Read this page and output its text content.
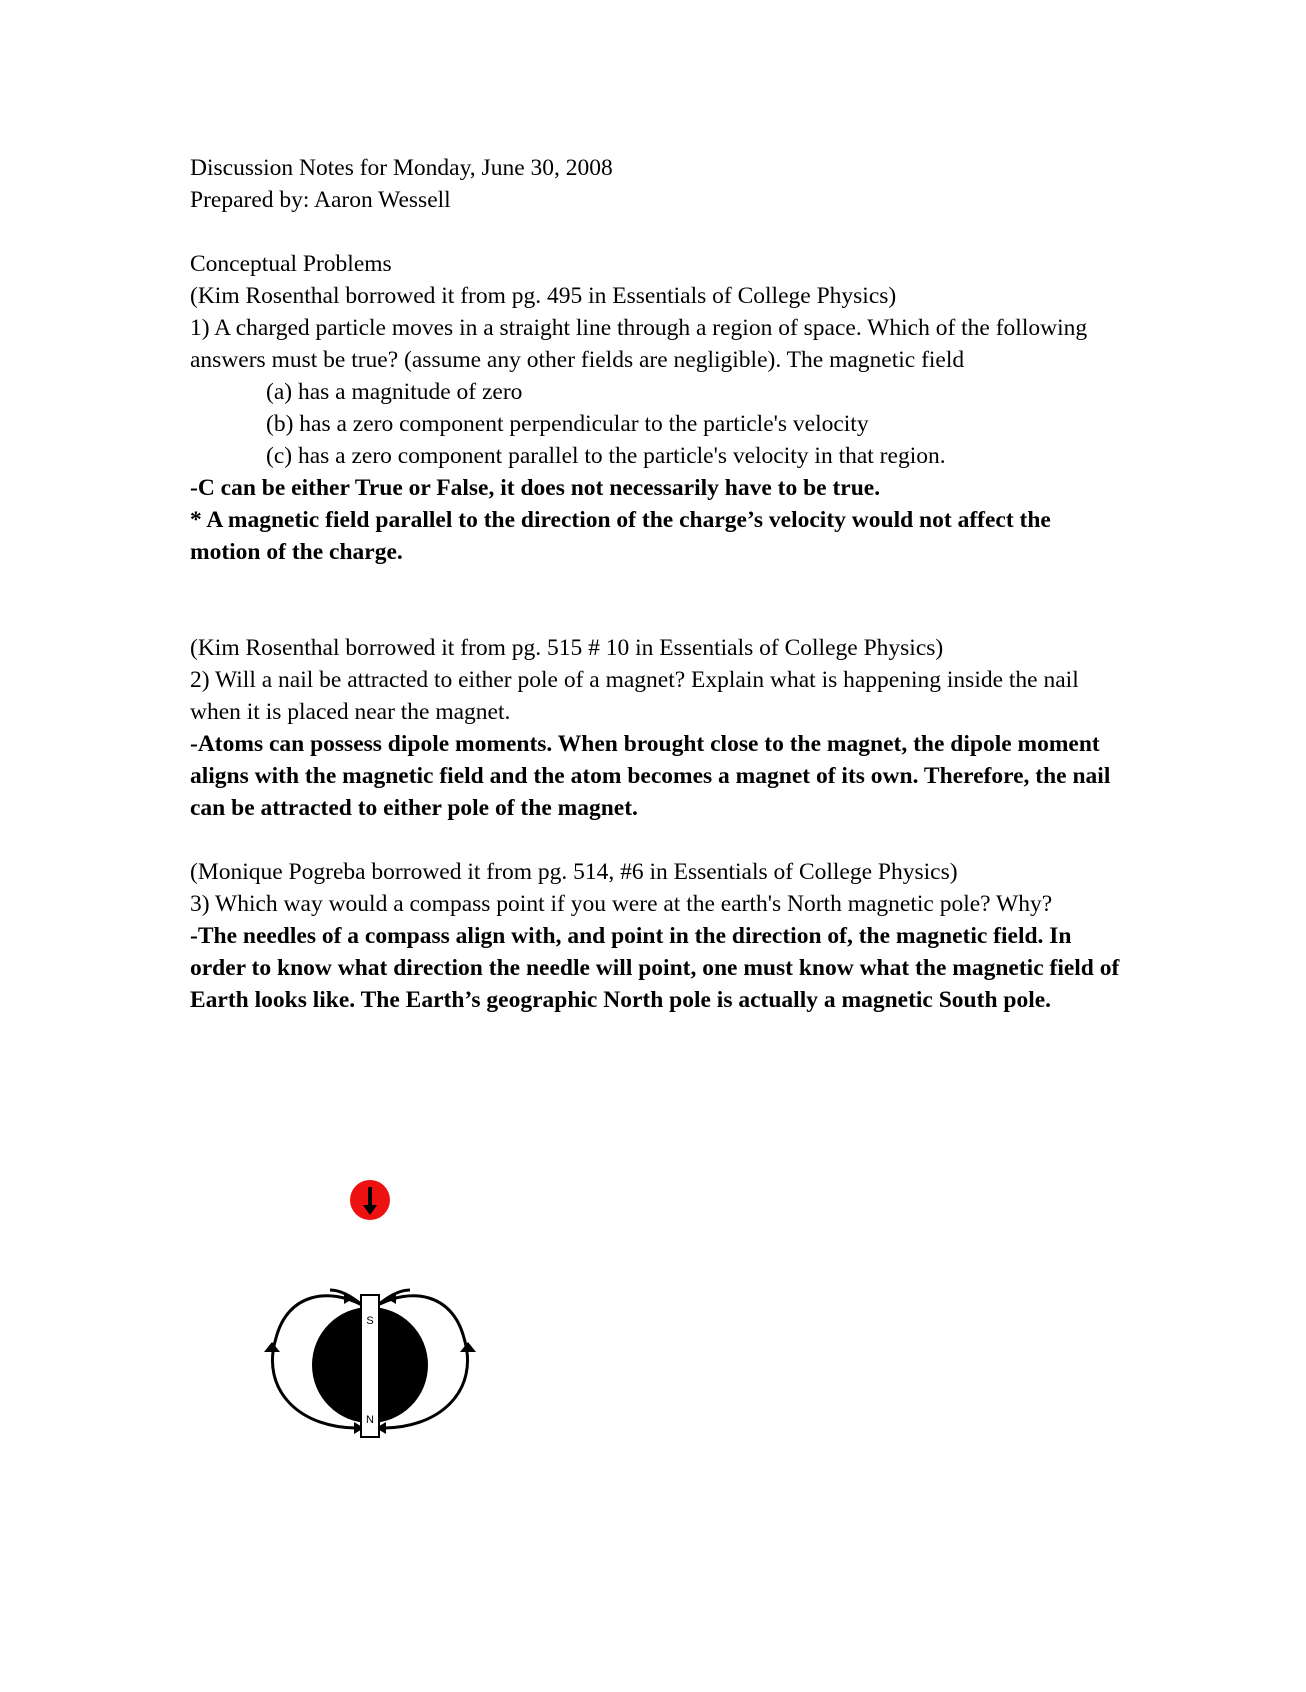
Discussion Notes for Monday, June 30, 2008

Prepared by: Aaron Wessell

Conceptual Problems

(Kim Rosenthal borrowed it from pg. 495 in Essentials of College Physics)

1) A charged particle moves in a straight line through a region of space. Which of the following answers must be true? (assume any other fields are negligible). The magnetic field

(a) has a magnitude of zero

(b) has a zero component perpendicular to the particle's velocity

(c) has a zero component parallel to the particle's velocity in that region.

-C can be either True or False, it does not necessarily have to be true.

* A magnetic field parallel to the direction of the charge’s velocity would not affect the motion of the charge.

(Kim Rosenthal borrowed it from pg. 515 # 10 in Essentials of College Physics)

2) Will a nail be attracted to either pole of a magnet? Explain what is happening inside the nail when it is placed near the magnet.

-Atoms can possess dipole moments. When brought close to the magnet, the dipole moment aligns with the magnetic field and the atom becomes a magnet of its own. Therefore, the nail can be attracted to either pole of the magnet.

(Monique Pogreba borrowed it from pg. 514, #6 in Essentials of College Physics)

3) Which way would a compass point if you were at the earth's North magnetic pole? Why?

-The needles of a compass align with, and point in the direction of, the magnetic field. In order to know what direction the needle will point, one must know what the magnetic field of Earth looks like. The Earth’s geographic North pole is actually a magnetic South pole.

S
N
